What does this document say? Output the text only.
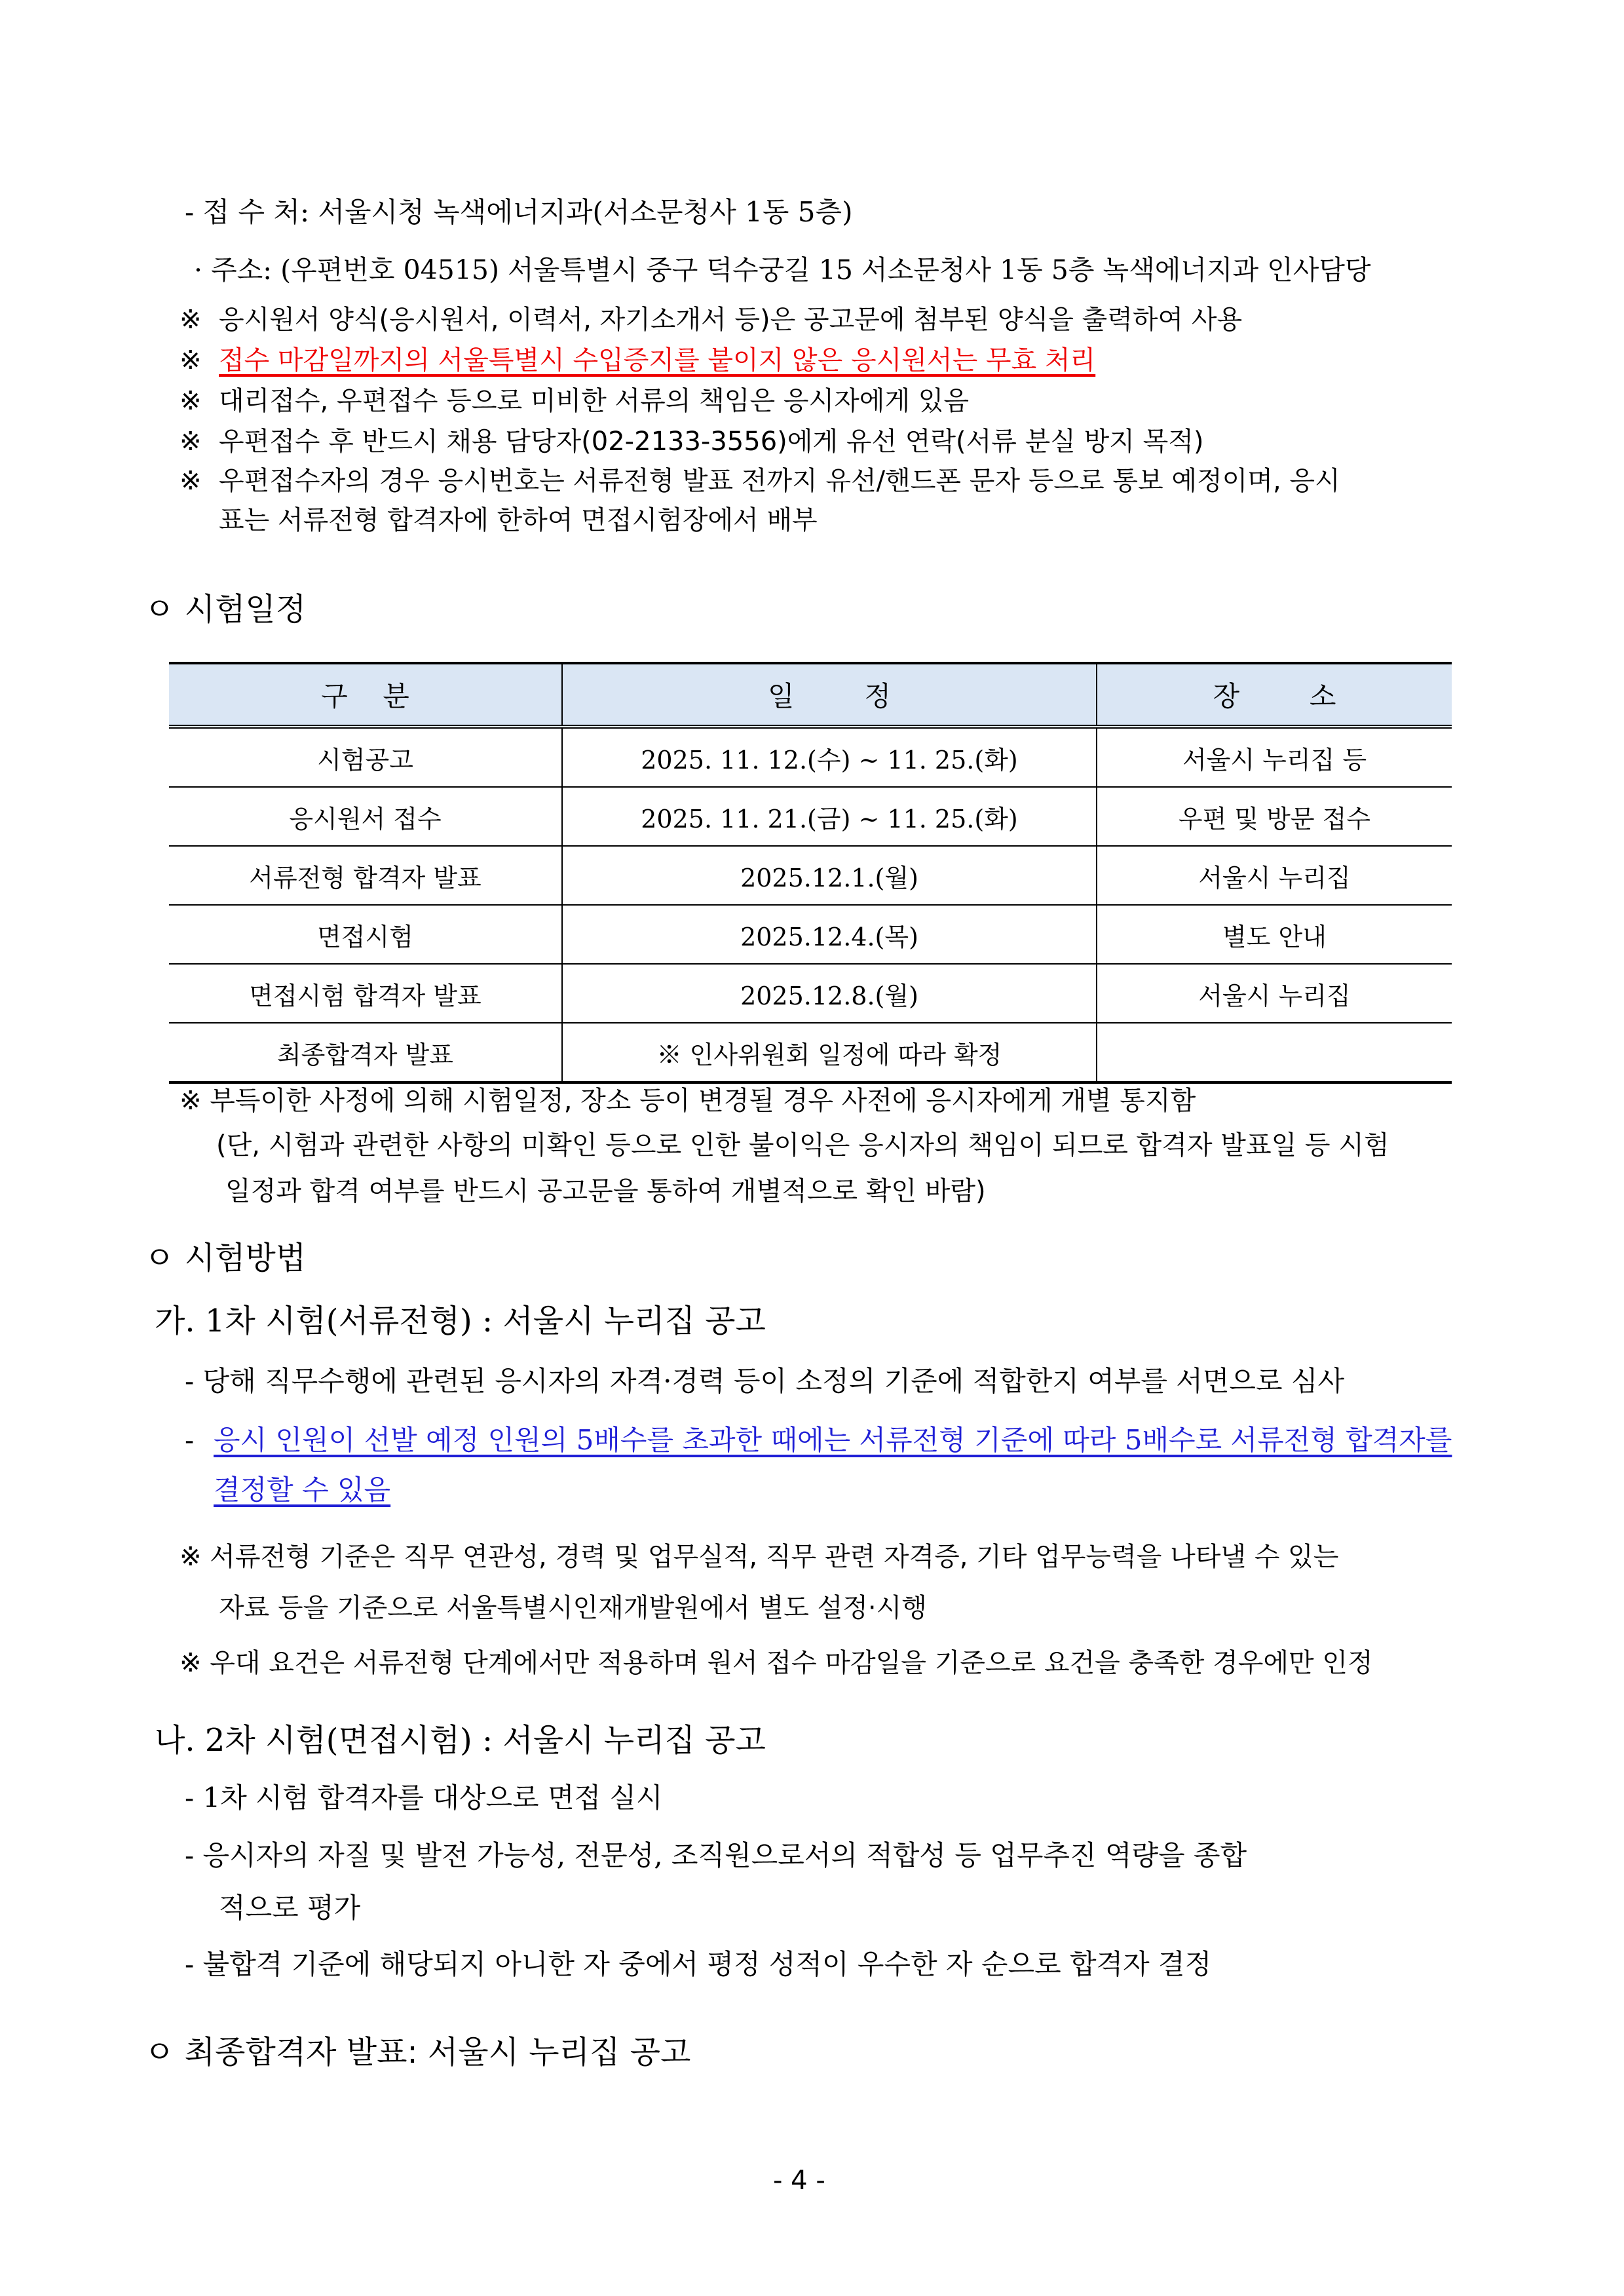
- 접 수 처: 서울시청 녹색에너지과(서소문청사 1동 5층)
· 주소: (우편번호 04515) 서울특별시 중구 덕수궁길 15 서소문청사 1동 5층 녹색에너지과 인사담당
※ 응시원서 양식(응시원서, 이력서, 자기소개서 등)은 공고문에 첨부된 양식을 출력하여 사용
※ 접수 마감일까지의 서울특별시 수입증지를 붙이지 않은 응시원서는 무효 처리
※ 대리접수, 우편접수 등으로 미비한 서류의 책임은 응시자에게 있음
※ 우편접수 후 반드시 채용 담당자(02-2133-3556)에게 유선 연락(서류 분실 방지 목적)
※ 우편접수자의 경우 응시번호는 서류전형 발표 전까지 유선/핸드폰 문자 등으로 통보 예정이며, 응시
표는 서류전형 합격자에 한하여 면접시험장에서 배부
ㅇ 시험일정
구    분	일        정	장        소
시험공고	2025. 11. 12.(수) ~ 11. 25.(화)	서울시 누리집 등
응시원서 접수	2025. 11. 21.(금) ~ 11. 25.(화)	우편 및 방문 접수
서류전형 합격자 발표	2025.12.1.(월)	서울시 누리집
면접시험	2025.12.4.(목)	별도 안내
면접시험 합격자 발표	2025.12.8.(월)	서울시 누리집
최종합격자 발표	※ 인사위원회 일정에 따라 확정	
※ 부득이한 사정에 의해 시험일정, 장소 등이 변경될 경우 사전에 응시자에게 개별 통지함
(단, 시험과 관련한 사항의 미확인 등으로 인한 불이익은 응시자의 책임이 되므로 합격자 발표일 등 시험
일정과 합격 여부를 반드시 공고문을 통하여 개별적으로 확인 바람)
ㅇ 시험방법
가. 1차 시험(서류전형) : 서울시 누리집 공고
- 당해 직무수행에 관련된 응시자의 자격·경력 등이 소정의 기준에 적합한지 여부를 서면으로 심사
- 응시 인원이 선발 예정 인원의 5배수를 초과한 때에는 서류전형 기준에 따라 5배수로 서류전형 합격자를
결정할 수 있음
※ 서류전형 기준은 직무 연관성, 경력 및 업무실적, 직무 관련 자격증, 기타 업무능력을 나타낼 수 있는
자료 등을 기준으로 서울특별시인재개발원에서 별도 설정·시행
※ 우대 요건은 서류전형 단계에서만 적용하며 원서 접수 마감일을 기준으로 요건을 충족한 경우에만 인정
나. 2차 시험(면접시험) : 서울시 누리집 공고
- 1차 시험 합격자를 대상으로 면접 실시
- 응시자의 자질 및 발전 가능성, 전문성, 조직원으로서의 적합성 등 업무추진 역량을 종합
적으로 평가
- 불합격 기준에 해당되지 아니한 자 중에서 평정 성적이 우수한 자 순으로 합격자 결정
ㅇ 최종합격자 발표: 서울시 누리집 공고
- 4 -
